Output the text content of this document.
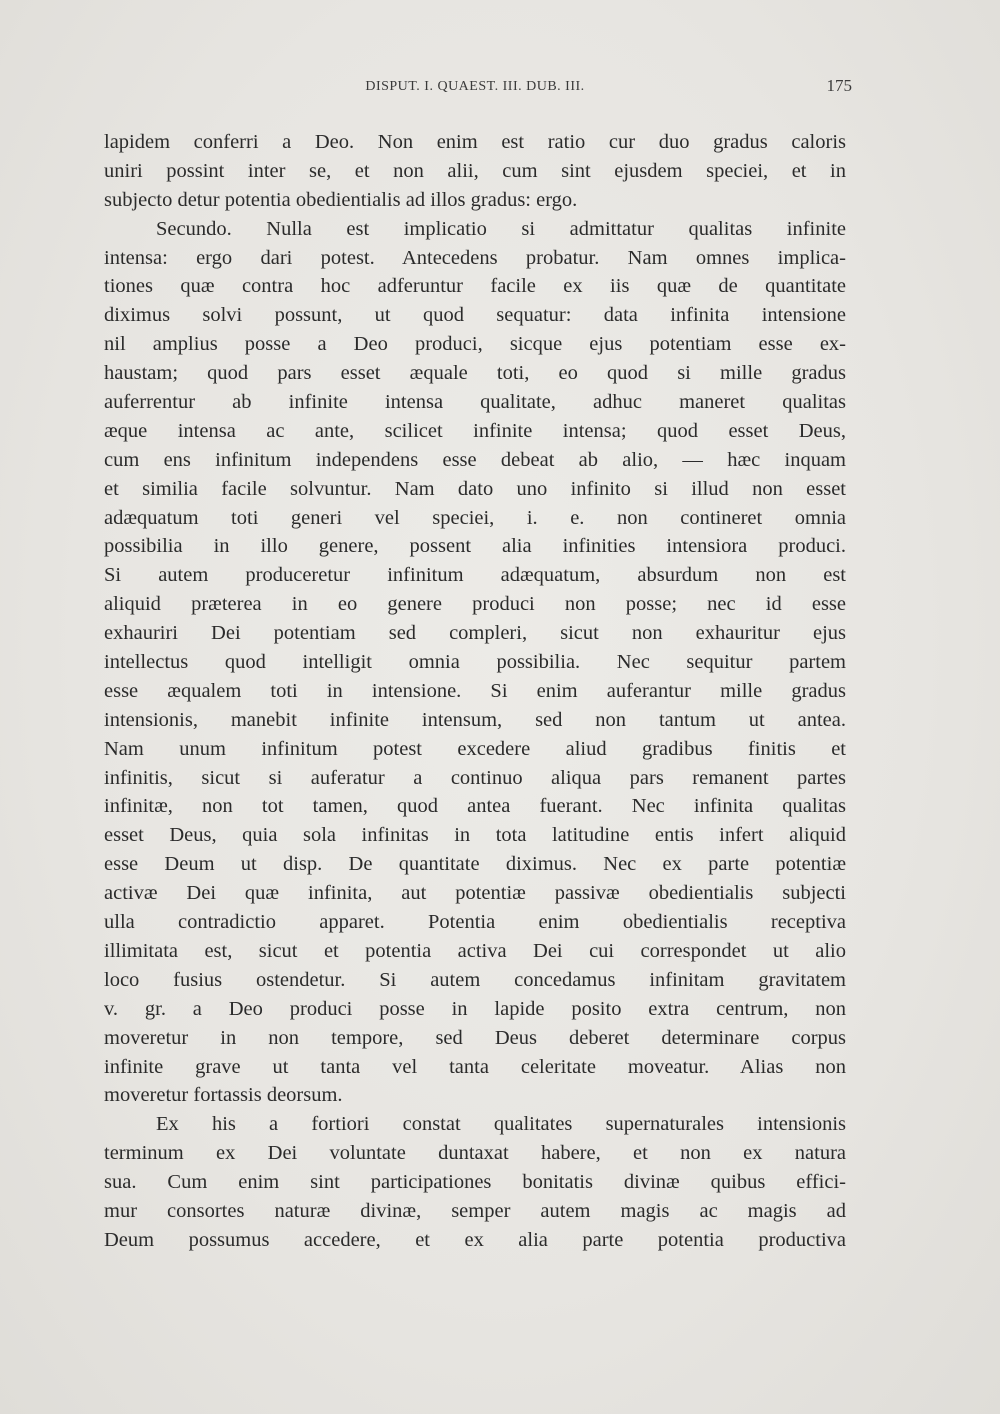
DISPUT. I. QUAEST. III. DUB. III.	175
lapidem conferri a Deo. Non enim est ratio cur duo gradus caloris
uniri possint inter se, et non alii, cum sint ejusdem speciei, et in
subjecto detur potentia obedientialis ad illos gradus: ergo.
Secundo. Nulla est implicatio si admittatur qualitas infinite
intensa: ergo dari potest. Antecedens probatur. Nam omnes implica-
tiones quæ contra hoc adferuntur facile ex iis quæ de quantitate
diximus solvi possunt, ut quod sequatur: data infinita intensione
nil amplius posse a Deo produci, sicque ejus potentiam esse ex-
haustam; quod pars esset æquale toti, eo quod si mille gradus
auferrentur ab infinite intensa qualitate, adhuc maneret qualitas
æque intensa ac ante, scilicet infinite intensa; quod esset Deus,
cum ens infinitum independens esse debeat ab alio, — hæc inquam
et similia facile solvuntur. Nam dato uno infinito si illud non esset
adæquatum toti generi vel speciei, i. e. non contineret omnia
possibilia in illo genere, possent alia infinities intensiora produci.
Si autem produceretur infinitum adæquatum, absurdum non est
aliquid præterea in eo genere produci non posse; nec id esse
exhauriri Dei potentiam sed compleri, sicut non exhauritur ejus
intellectus quod intelligit omnia possibilia. Nec sequitur partem
esse æqualem toti in intensione. Si enim auferantur mille gradus
intensionis, manebit infinite intensum, sed non tantum ut antea.
Nam unum infinitum potest excedere aliud gradibus finitis et
infinitis, sicut si auferatur a continuo aliqua pars remanent partes
infinitæ, non tot tamen, quod antea fuerant. Nec infinita qualitas
esset Deus, quia sola infinitas in tota latitudine entis infert aliquid
esse Deum ut disp. De quantitate diximus. Nec ex parte potentiæ
activæ Dei quæ infinita, aut potentiæ passivæ obedientialis subjecti
ulla contradictio apparet. Potentia enim obedientialis receptiva
illimitata est, sicut et potentia activa Dei cui correspondet ut alio
loco fusius ostendetur. Si autem concedamus infinitam gravitatem
v. gr. a Deo produci posse in lapide posito extra centrum, non
moveretur in non tempore, sed Deus deberet determinare corpus
infinite grave ut tanta vel tanta celeritate moveatur. Alias non
moveretur fortassis deorsum.
Ex his a fortiori constat qualitates supernaturales intensionis
terminum ex Dei voluntate duntaxat habere, et non ex natura
sua. Cum enim sint participationes bonitatis divinæ quibus effici-
mur consortes naturæ divinæ, semper autem magis ac magis ad
Deum possumus accedere, et ex alia parte potentia productiva
